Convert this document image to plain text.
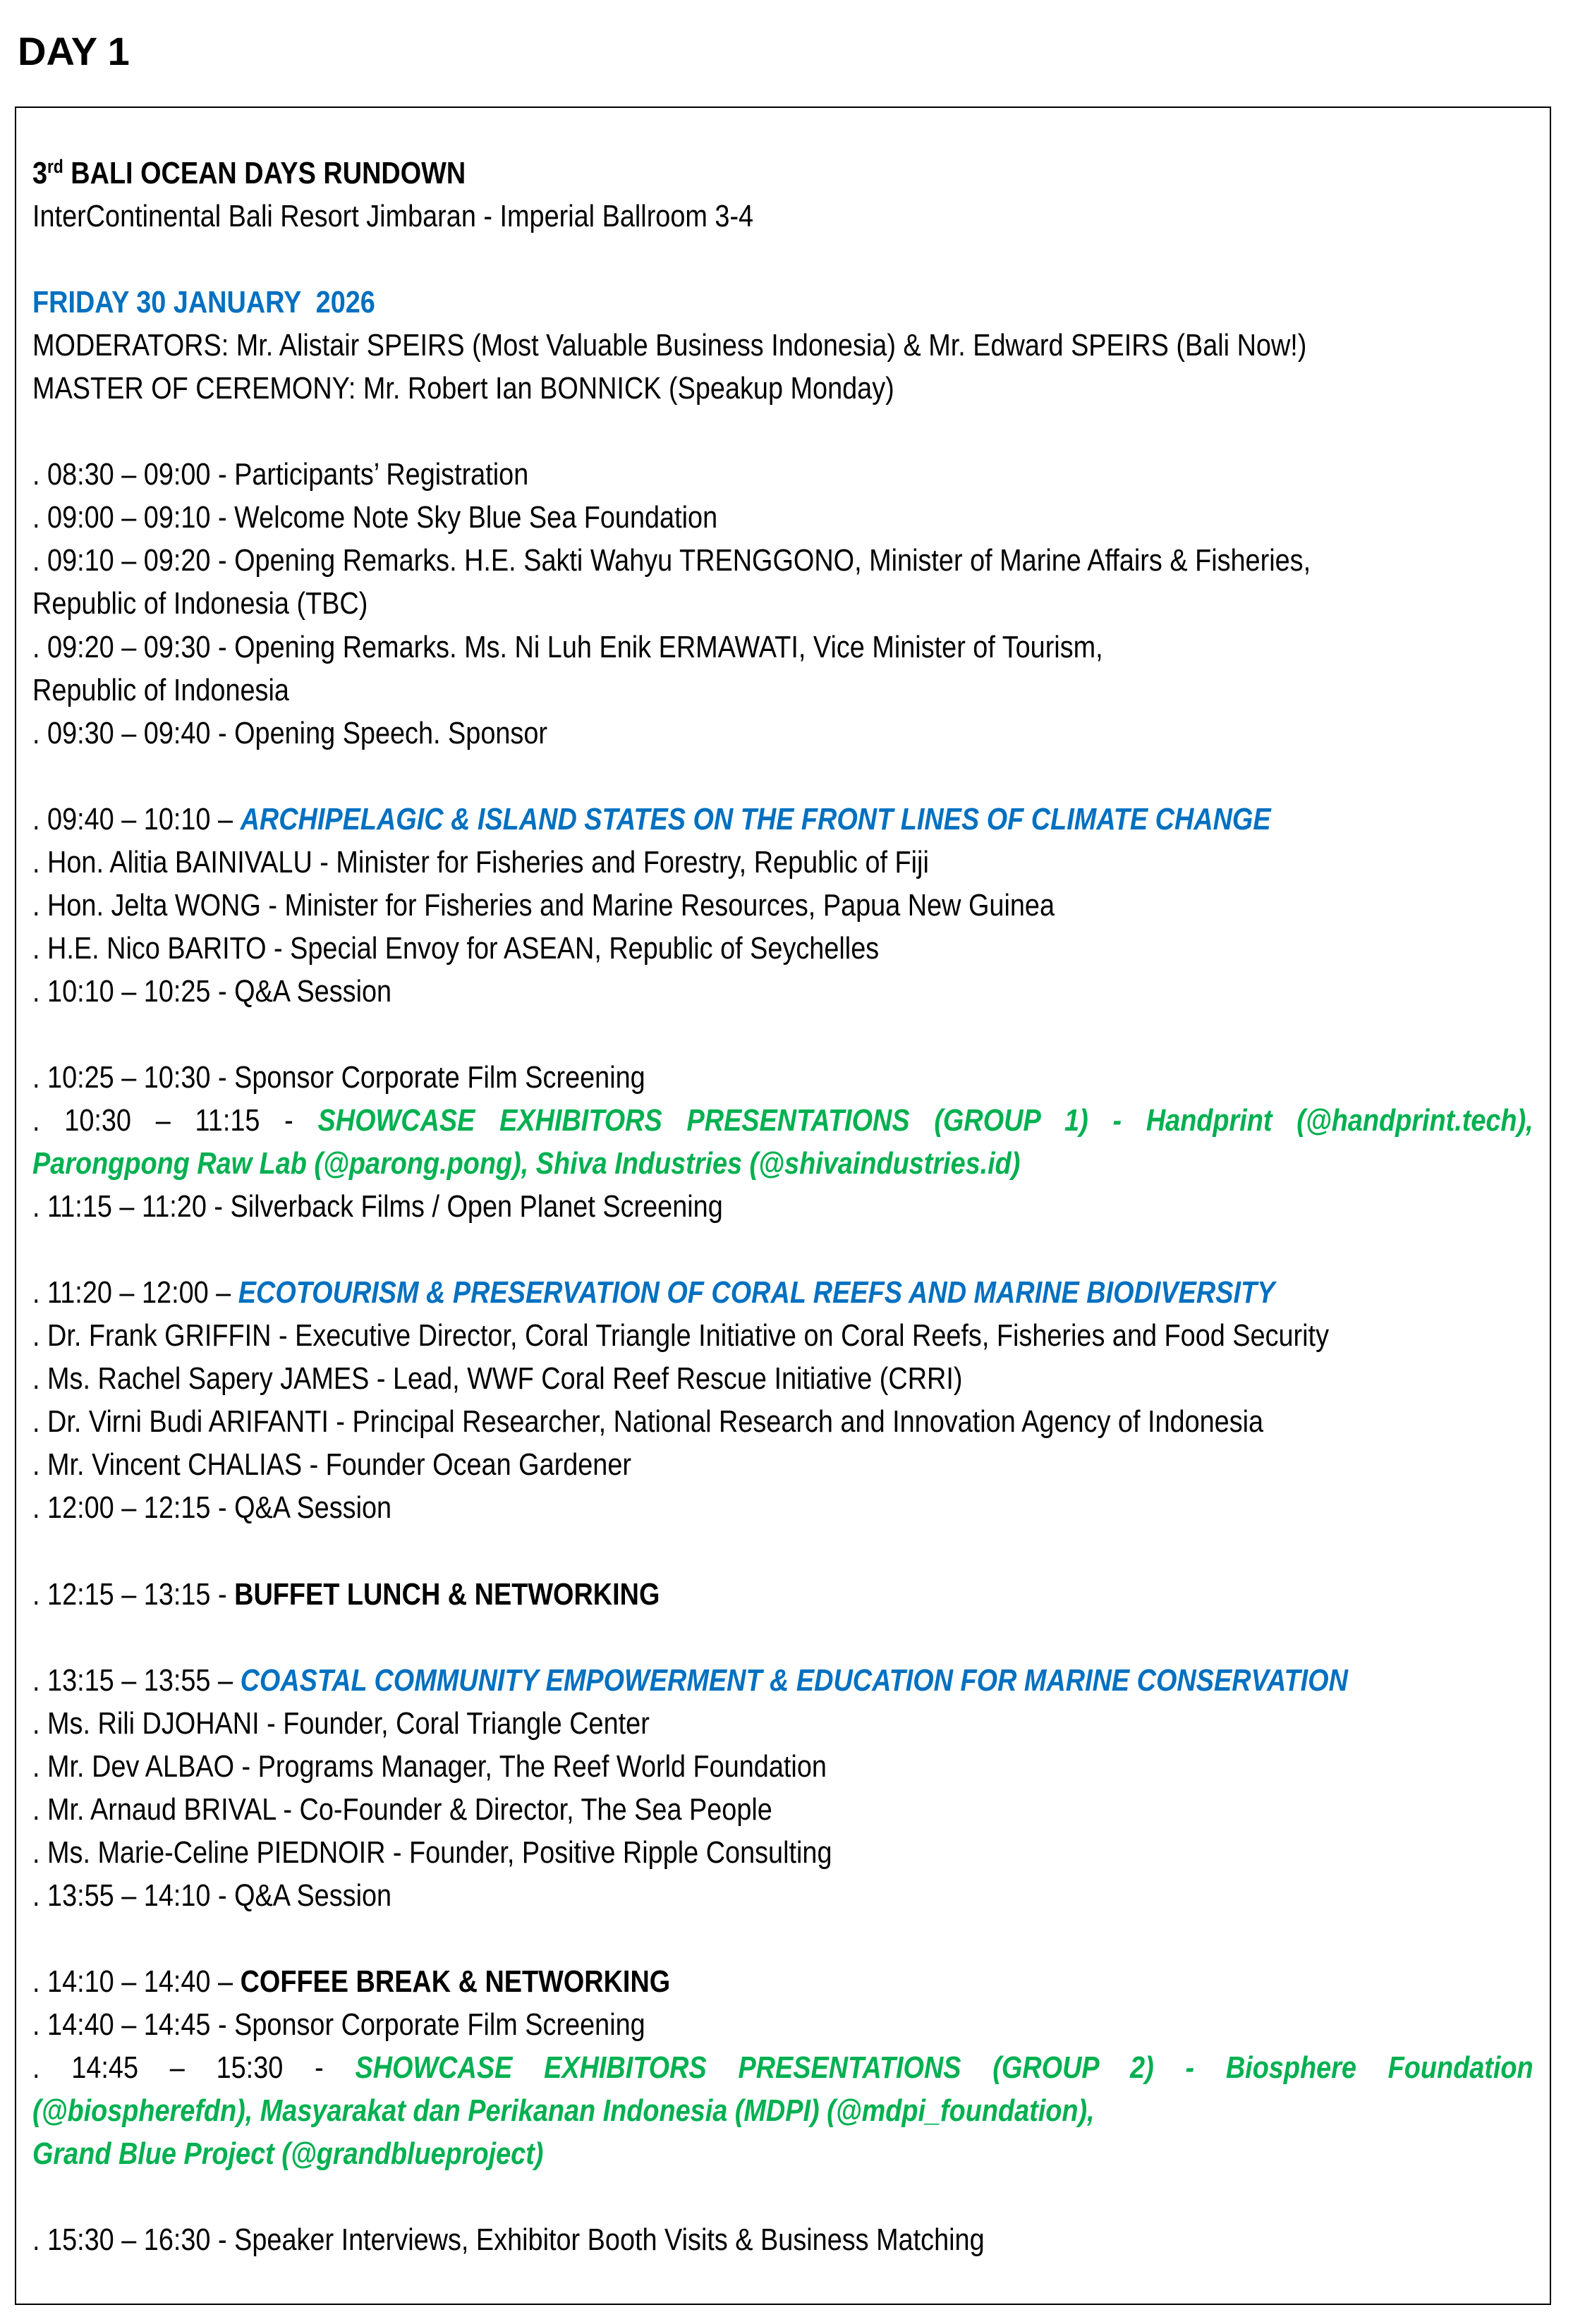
DAY 1
3rd BALI OCEAN DAYS RUNDOWN
InterContinental Bali Resort Jimbaran - Imperial Ballroom 3-4
FRIDAY 30 JANUARY  2026
MODERATORS: Mr. Alistair SPEIRS (Most Valuable Business Indonesia) & Mr. Edward SPEIRS (Bali Now!)
MASTER OF CEREMONY: Mr. Robert Ian BONNICK (Speakup Monday)
. 08:30 – 09:00 - Participants’ Registration
. 09:00 – 09:10 - Welcome Note Sky Blue Sea Foundation
. 09:10 – 09:20 - Opening Remarks. H.E. Sakti Wahyu TRENGGONO, Minister of Marine Affairs & Fisheries,
Republic of Indonesia (TBC)
. 09:20 – 09:30 - Opening Remarks. Ms. Ni Luh Enik ERMAWATI, Vice Minister of Tourism,
Republic of Indonesia
. 09:30 – 09:40 - Opening Speech. Sponsor
. 09:40 – 10:10 – ARCHIPELAGIC & ISLAND STATES ON THE FRONT LINES OF CLIMATE CHANGE
. Hon. Alitia BAINIVALU - Minister for Fisheries and Forestry, Republic of Fiji
. Hon. Jelta WONG - Minister for Fisheries and Marine Resources, Papua New Guinea
. H.E. Nico BARITO - Special Envoy for ASEAN, Republic of Seychelles
. 10:10 – 10:25 - Q&A Session
. 10:25 – 10:30 - Sponsor Corporate Film Screening
. 10:30 – 11:15 - SHOWCASE EXHIBITORS PRESENTATIONS (GROUP 1) - Handprint (@handprint.tech),
Parongpong Raw Lab (@parong.pong), Shiva Industries (@shivaindustries.id)
. 11:15 – 11:20 - Silverback Films / Open Planet Screening
. 11:20 – 12:00 – ECOTOURISM & PRESERVATION OF CORAL REEFS AND MARINE BIODIVERSITY
. Dr. Frank GRIFFIN - Executive Director, Coral Triangle Initiative on Coral Reefs, Fisheries and Food Security
. Ms. Rachel Sapery JAMES - Lead, WWF Coral Reef Rescue Initiative (CRRI)
. Dr. Virni Budi ARIFANTI - Principal Researcher, National Research and Innovation Agency of Indonesia
. Mr. Vincent CHALIAS - Founder Ocean Gardener
. 12:00 – 12:15 - Q&A Session
. 12:15 – 13:15 - BUFFET LUNCH & NETWORKING
. 13:15 – 13:55 – COASTAL COMMUNITY EMPOWERMENT & EDUCATION FOR MARINE CONSERVATION
. Ms. Rili DJOHANI - Founder, Coral Triangle Center
. Mr. Dev ALBAO - Programs Manager, The Reef World Foundation
. Mr. Arnaud BRIVAL - Co-Founder & Director, The Sea People
. Ms. Marie-Celine PIEDNOIR - Founder, Positive Ripple Consulting
. 13:55 – 14:10 - Q&A Session
. 14:10 – 14:40 – COFFEE BREAK & NETWORKING
. 14:40 – 14:45 - Sponsor Corporate Film Screening
. 14:45 – 15:30 - SHOWCASE EXHIBITORS PRESENTATIONS (GROUP 2) - Biosphere Foundation
(@biospherefdn), Masyarakat dan Perikanan Indonesia (MDPI) (@mdpi_foundation),
Grand Blue Project (@grandblueproject)
. 15:30 – 16:30 - Speaker Interviews, Exhibitor Booth Visits & Business Matching
